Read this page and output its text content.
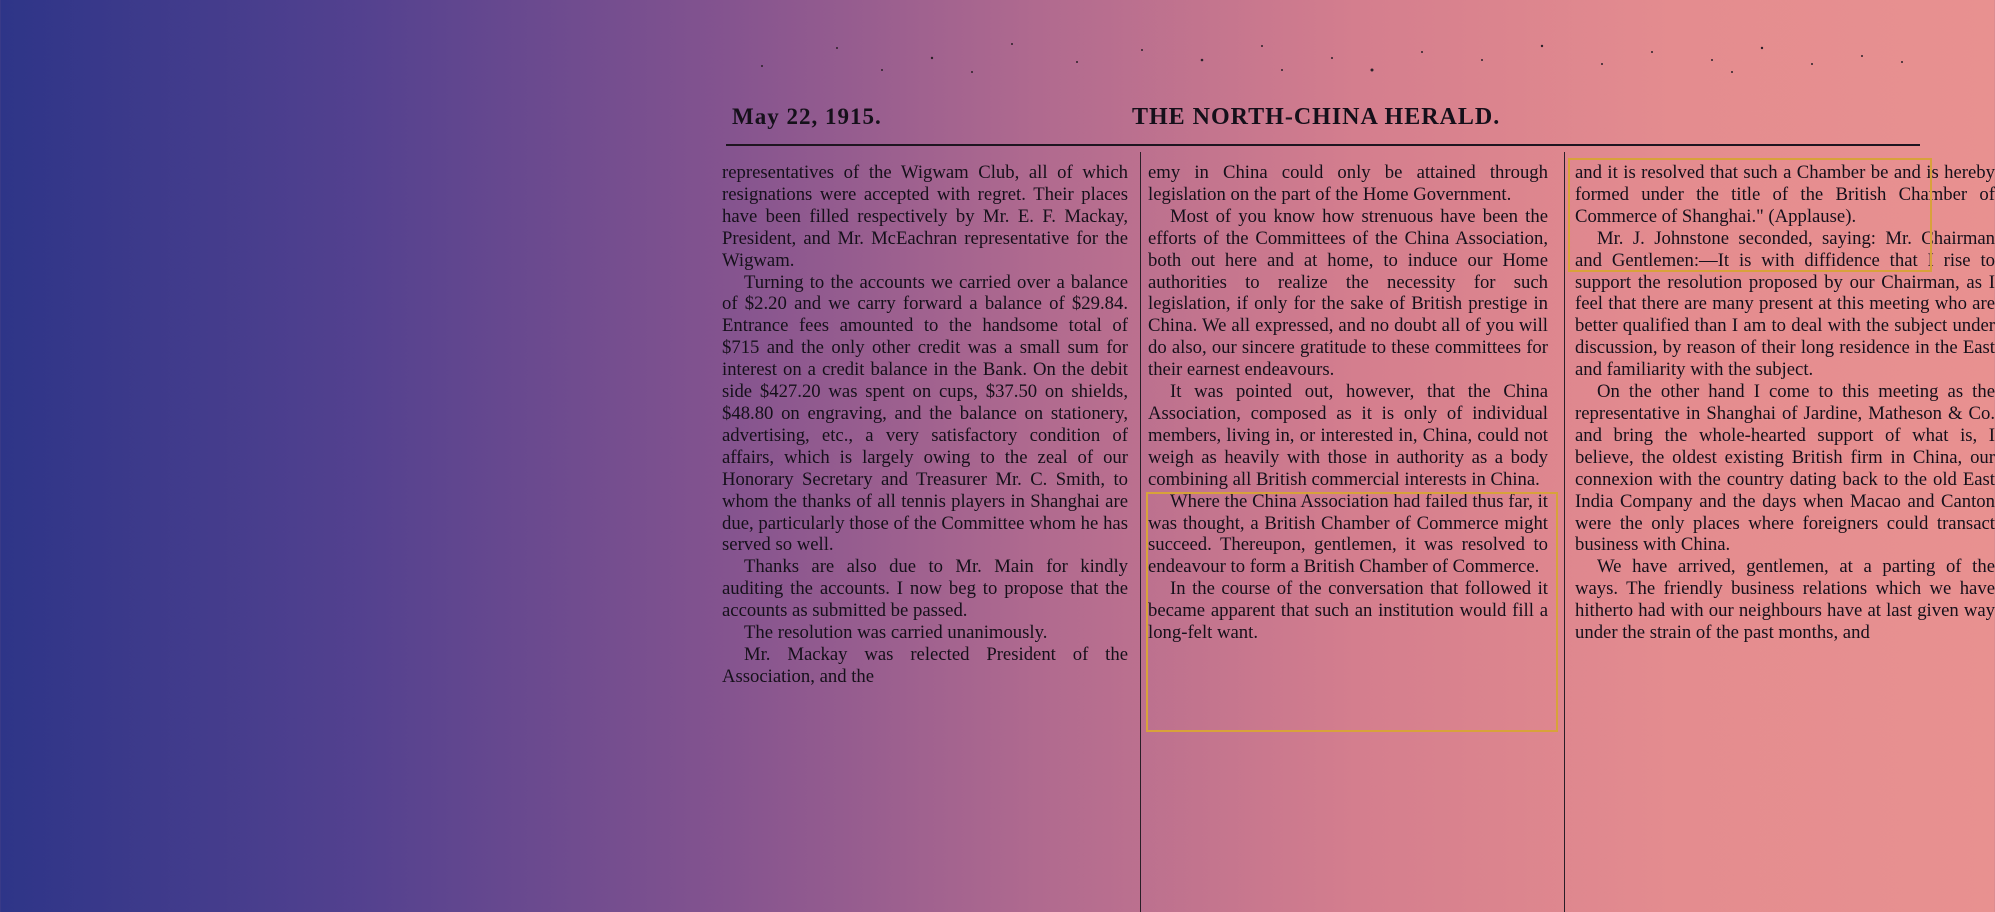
May 22, 1915.	THE NORTH-CHINA HERALD.

representatives of the Wigwam Club, all of which resignations were accepted with regret. Their places have been filled respectively by Mr. E. F. Mackay, President, and Mr. McEachran representative for the Wigwam.

Turning to the accounts we carried over a balance of $2.20 and we carry forward a balance of $29.84. Entrance fees amounted to the handsome total of $715 and the only other credit was a small sum for interest on a credit balance in the Bank. On the debit side $427.20 was spent on cups, $37.50 on shields, $48.80 on engraving, and the balance on stationery, advertising, etc., a very satisfactory condition of affairs, which is largely owing to the zeal of our Honorary Secretary and Treasurer Mr. C. Smith, to whom the thanks of all tennis players in Shanghai are due, particularly those of the Committee whom he has served so well.

Thanks are also due to Mr. Main for kindly auditing the accounts. I now beg to propose that the accounts as submitted be passed.

The resolution was carried unanimously.

Mr. Mackay was relected President of the Association, and the

emy in China could only be attained through legislation on the part of the Home Government.

Most of you know how strenuous have been the efforts of the Committees of the China Association, both out here and at home, to induce our Home authorities to realize the necessity for such legislation, if only for the sake of British prestige in China. We all expressed, and no doubt all of you will do also, our sincere gratitude to these committees for their earnest endeavours.

It was pointed out, however, that the China Association, composed as it is only of individual members, living in, or interested in, China, could not weigh as heavily with those in authority as a body combining all British commercial interests in China.

Where the China Association had failed thus far, it was thought, a British Chamber of Commerce might succeed. Thereupon, gentlemen, it was resolved to endeavour to form a British Chamber of Commerce.

In the course of the conversation that followed it became apparent that such an institution would fill a long-felt want.

and it is resolved that such a Chamber be and is hereby formed under the title of the British Chamber of Commerce of Shanghai." (Applause).

Mr. J. Johnstone seconded, saying: Mr. Chairman and Gentlemen:—It is with diffidence that I rise to support the resolution proposed by our Chairman, as I feel that there are many present at this meeting who are better qualified than I am to deal with the subject under discussion, by reason of their long residence in the East and familiarity with the subject.

On the other hand I come to this meeting as the representative in Shanghai of Jardine, Matheson & Co. and bring the whole-hearted support of what is, I believe, the oldest existing British firm in China, our connexion with the country dating back to the old East India Company and the days when Macao and Canton were the only places where foreigners could transact business with China.

We have arrived, gentlemen, at a parting of the ways. The friendly business relations which we have hitherto had with our neighbours have at last given way under the strain of the past months, and
